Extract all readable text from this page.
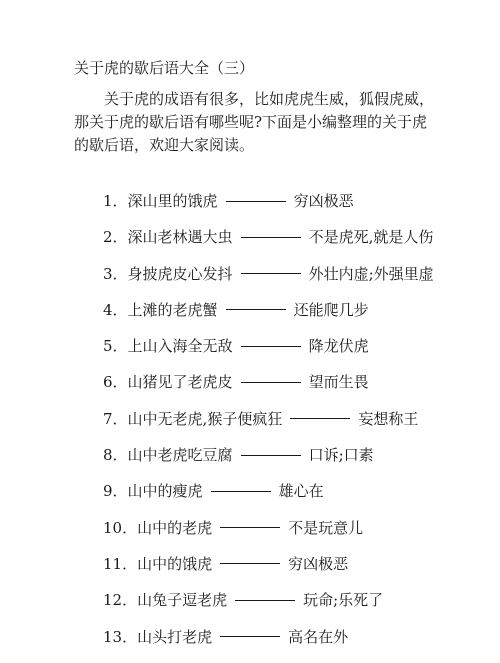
关于虎的歇后语大全（三）

关于虎的成语有很多，比如虎虎生威，狐假虎威，那关于虎的歇后语有哪些呢?下面是小编整理的关于虎的歇后语，欢迎大家阅读。

1．深山里的饿虎	穷凶极恶
2．深山老林遇大虫	不是虎死,就是人伤
3．身披虎皮心发抖	外壮内虚;外强里虚
4．上滩的老虎蟹	还能爬几步
5．上山入海全无敌	降龙伏虎
6．山猪见了老虎皮	望而生畏
7．山中无老虎,猴子便疯狂	妄想称王
8．山中老虎吃豆腐	口诉;口素
9．山中的瘦虎	雄心在
10．山中的老虎	不是玩意儿
11．山中的饿虎	穷凶极恶
12．山兔子逗老虎	玩命;乐死了
13．山头打老虎	高名在外
